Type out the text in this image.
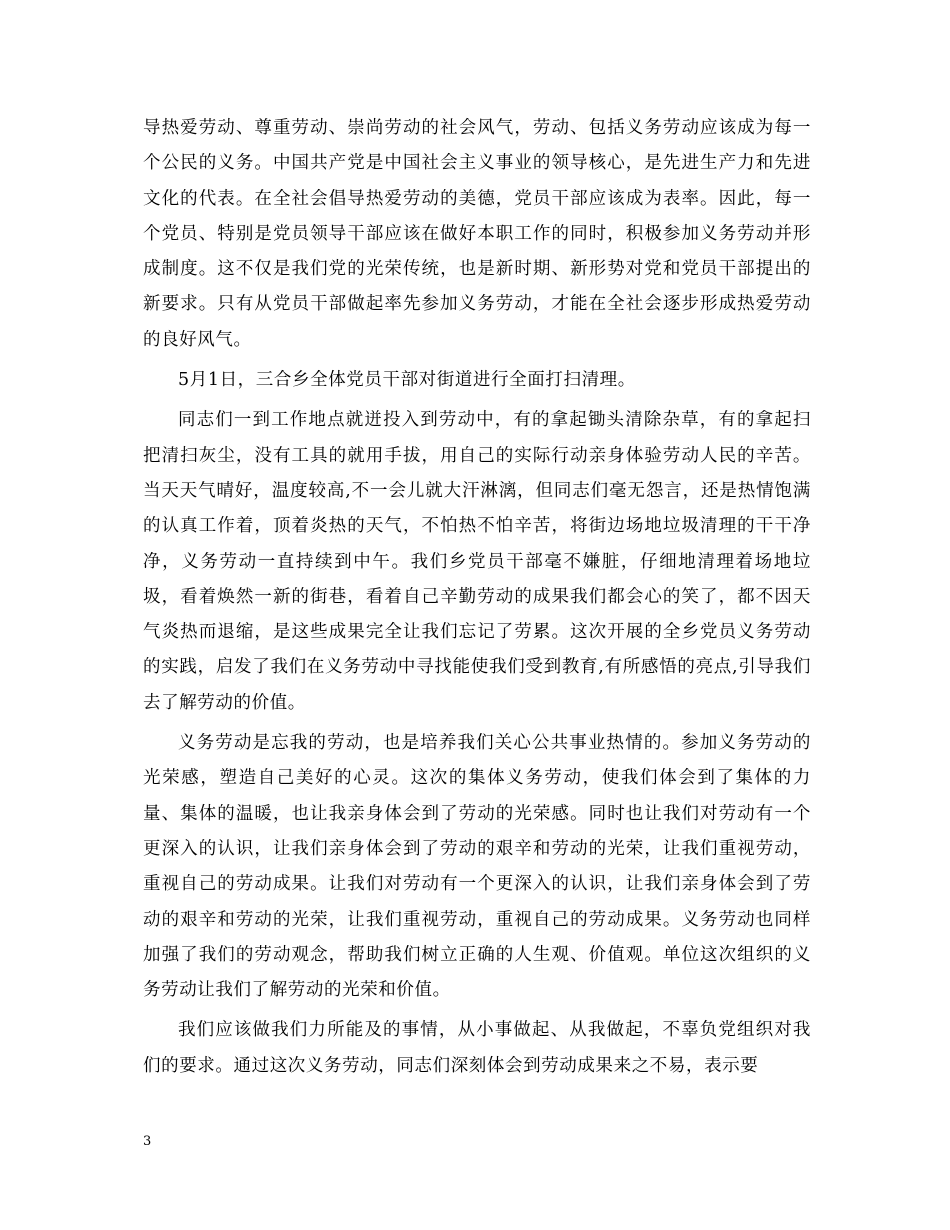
导热爱劳动、尊重劳动、崇尚劳动的社会风气，劳动、包括义务劳动应该成为每一个公民的义务。中国共产党是中国社会主义事业的领导核心，是先进生产力和先进文化的代表。在全社会倡导热爱劳动的美德，党员干部应该成为表率。因此，每一个党员、特别是党员领导干部应该在做好本职工作的同时，积极参加义务劳动并形成制度。这不仅是我们党的光荣传统，也是新时期、新形势对党和党员干部提出的新要求。只有从党员干部做起率先参加义务劳动，才能在全社会逐步形成热爱劳动的良好风气。

5月1日，三合乡全体党员干部对街道进行全面打扫清理。

同志们一到工作地点就迸投入到劳动中，有的拿起锄头清除杂草，有的拿起扫把清扫灰尘，没有工具的就用手拔，用自己的实际行动亲身体验劳动人民的辛苦。当天天气晴好，温度较高,不一会儿就大汗淋漓，但同志们毫无怨言，还是热情饱满的认真工作着，顶着炎热的天气，不怕热不怕辛苦，将街边场地垃圾清理的干干净净，义务劳动一直持续到中午。我们乡党员干部毫不嫌脏，仔细地清理着场地垃圾，看着焕然一新的街巷，看着自己辛勤劳动的成果我们都会心的笑了，都不因天气炎热而退缩，是这些成果完全让我们忘记了劳累。这次开展的全乡党员义务劳动的实践，启发了我们在义务劳动中寻找能使我们受到教育,有所感悟的亮点,引导我们去了解劳动的价值。

义务劳动是忘我的劳动，也是培养我们关心公共事业热情的。参加义务劳动的光荣感，塑造自己美好的心灵。这次的集体义务劳动，使我们体会到了集体的力量、集体的温暖，也让我亲身体会到了劳动的光荣感。同时也让我们对劳动有一个更深入的认识，让我们亲身体会到了劳动的艰辛和劳动的光荣，让我们重视劳动，重视自己的劳动成果。让我们对劳动有一个更深入的认识，让我们亲身体会到了劳动的艰辛和劳动的光荣，让我们重视劳动，重视自己的劳动成果。义务劳动也同样加强了我们的劳动观念，帮助我们树立正确的人生观、价值观。单位这次组织的义务劳动让我们了解劳动的光荣和价值。

我们应该做我们力所能及的事情，从小事做起、从我做起，不辜负党组织对我们的要求。通过这次义务劳动，同志们深刻体会到劳动成果来之不易，表示要

3
